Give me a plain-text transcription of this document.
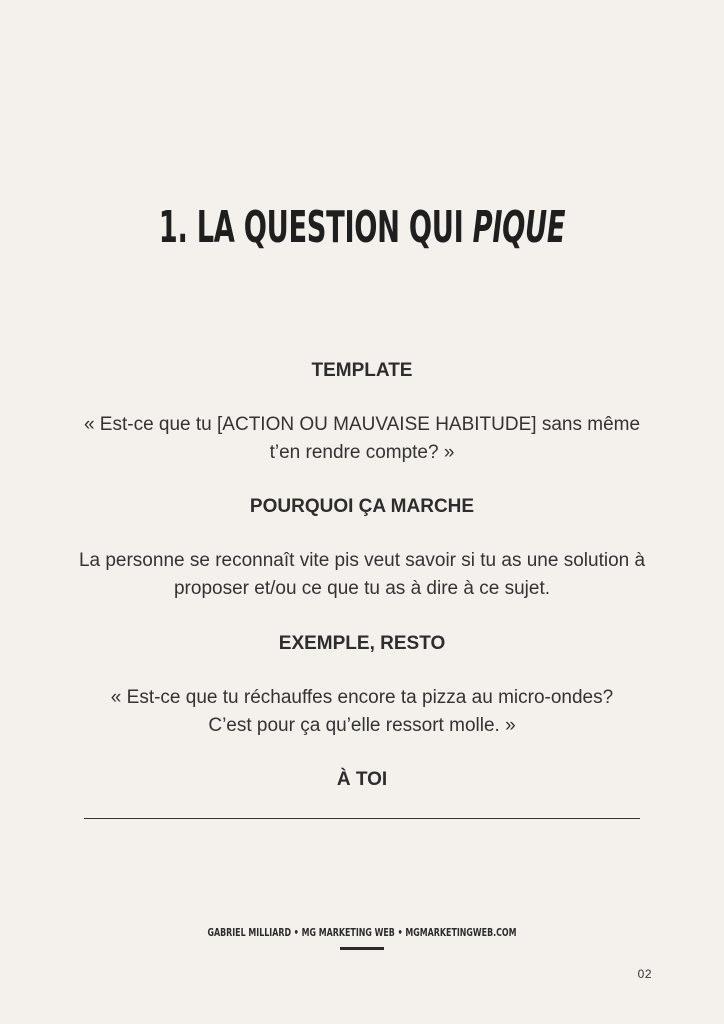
1. LA QUESTION QUI PIQUE
TEMPLATE
« Est-ce que tu [ACTION OU MAUVAISE HABITUDE] sans même
t’en rendre compte? »
POURQUOI ÇA MARCHE
La personne se reconnaît vite pis veut savoir si tu as une solution à
proposer et/ou ce que tu as à dire à ce sujet.
EXEMPLE, RESTO
« Est-ce que tu réchauffes encore ta pizza au micro-ondes?
C’est pour ça qu’elle ressort molle. »
À TOI
GABRIEL MILLIARD • MG MARKETING WEB • MGMARKETINGWEB.COM
02
